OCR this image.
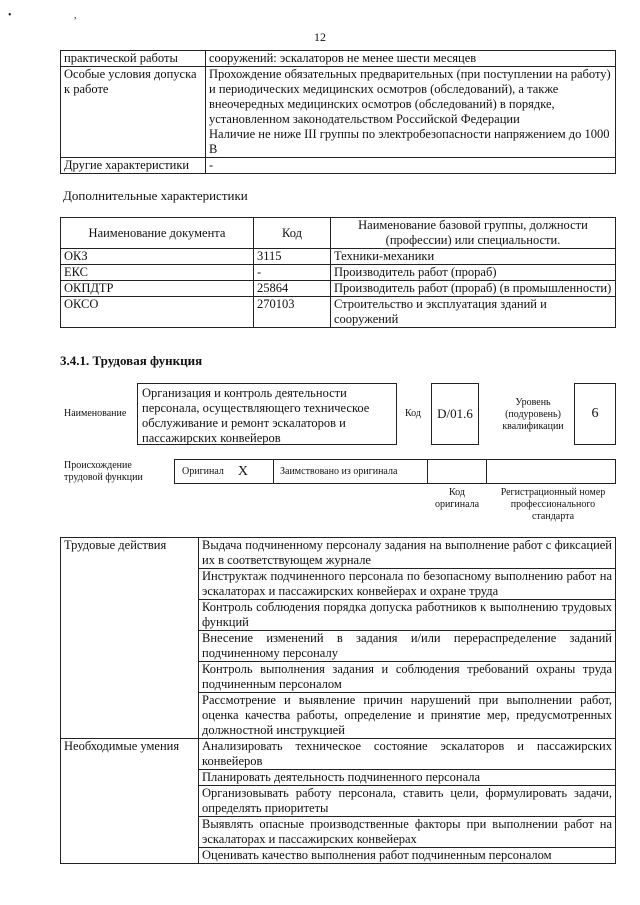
• ,
12
практической работы	сооружений: эскалаторов не менее шести месяцев
Особые условия допуска к работе	Прохождение обязательных предварительных (при поступлении на работу) и периодических медицинских осмотров (обследований), а также внеочередных медицинских осмотров (обследований) в порядке, установленном законодательством Российской Федерации
Наличие не ниже III группы по электробезопасности напряжением до 1000 В
Другие характеристики	-
Дополнительные характеристики
Наименование документа	Код	Наименование базовой группы, должности (профессии) или специальности.
ОКЗ	3115	Техники-механики
ЕКС	-	Производитель работ (прораб)
ОКПДТР	25864	Производитель работ (прораб) (в промышленности)
ОКСО	270103	Строительство и эксплуатация зданий и сооружений
3.4.1. Трудовая функция
Наименование
Организация и контроль деятельности персонала, осуществляющего техническое обслуживание и ремонт эскалаторов и пассажирских конвейеров
Код	D/01.6
Уровень (подуровень) квалификации
6
Происхождение трудовой функции
Оригинал X	Заимствовано из оригинала
Код оригинала
Регистрационный номер профессионального стандарта
Трудовые действия	Выдача подчиненному персоналу задания на выполнение работ с фиксацией их в соответствующем журнале
	Инструктаж подчиненного персонала по безопасному выполнению работ на эскалаторах и пассажирских конвейерах и охране труда
	Контроль соблюдения порядка допуска работников к выполнению трудовых функций
	Внесение изменений в задания и/или перераспределение заданий подчиненному персоналу
	Контроль выполнения задания и соблюдения требований охраны труда подчиненным персоналом
	Рассмотрение и выявление причин нарушений при выполнении работ, оценка качества работы, определение и принятие мер, предусмотренных должностной инструкцией
Необходимые умения	Анализировать техническое состояние эскалаторов и пассажирских конвейеров
	Планировать деятельность подчиненного персонала
	Организовывать работу персонала, ставить цели, формулировать задачи, определять приоритеты
	Выявлять опасные производственные факторы при выполнении работ на эскалаторах и пассажирских конвейерах
	Оценивать качество выполнения работ подчиненным персоналом
